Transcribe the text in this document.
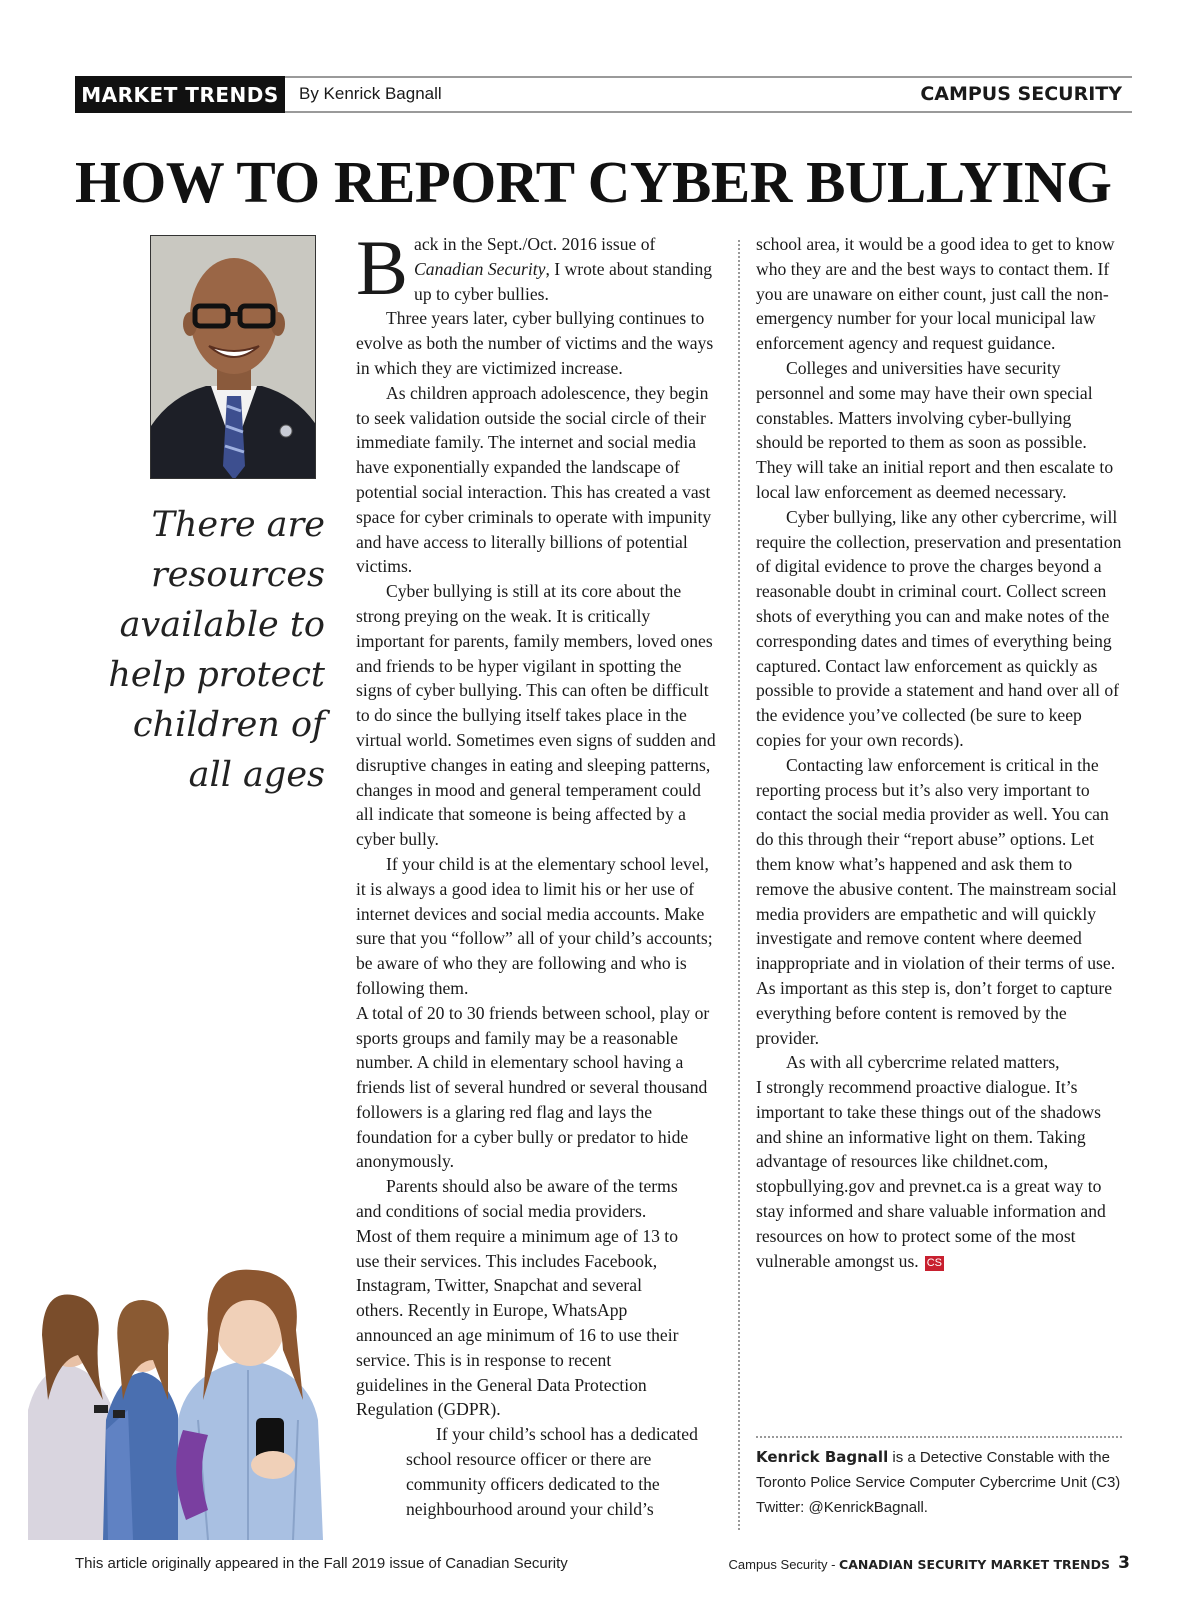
MARKET TRENDS	By Kenrick Bagnall	CAMPUS SECURITY
HOW TO REPORT CYBER BULLYING
There are resources available to help protect children of all ages

Back in the Sept./Oct. 2016 issue of Canadian Security, I wrote about standing up to cyber bullies.

Three years later, cyber bullying continues to evolve as both the number of victims and the ways in which they are victimized increase.

As children approach adolescence, they begin to seek validation outside the social circle of their immediate family. The internet and social media have exponentially expanded the landscape of potential social interaction. This has created a vast space for cyber criminals to operate with impunity and have access to literally billions of potential victims.

Cyber bullying is still at its core about the strong preying on the weak. It is critically important for parents, family members, loved ones and friends to be hyper vigilant in spotting the signs of cyber bullying. This can often be difficult to do since the bullying itself takes place in the virtual world. Sometimes even signs of sudden and disruptive changes in eating and sleeping patterns, changes in mood and general temperament could all indicate that someone is being affected by a cyber bully.

If your child is at the elementary school level, it is always a good idea to limit his or her use of internet devices and social media accounts. Make sure that you “follow” all of your child’s accounts; be aware of who they are following and who is following them.

A total of 20 to 30 friends between school, play or sports groups and family may be a reasonable number. A child in elementary school having a friends list of several hundred or several thousand followers is a glaring red flag and lays the foundation for a cyber bully or predator to hide anonymously.

Parents should also be aware of the terms and conditions of social media providers. Most of them require a minimum age of 13 to use their services. This includes Facebook, Instagram, Twitter, Snapchat and several others. Recently in Europe, WhatsApp announced an age minimum of 16 to use their service. This is in response to recent guidelines in the General Data Protection Regulation (GDPR).

If your child’s school has a dedicated school resource officer or there are community officers dedicated to the neighbourhood around your child’s

school area, it would be a good idea to get to know who they are and the best ways to contact them. If you are unaware on either count, just call the non-emergency number for your local municipal law enforcement agency and request guidance.

Colleges and universities have security personnel and some may have their own special constables. Matters involving cyber-bullying should be reported to them as soon as possible. They will take an initial report and then escalate to local law enforcement as deemed necessary.

Cyber bullying, like any other cybercrime, will require the collection, preservation and presentation of digital evidence to prove the charges beyond a reasonable doubt in criminal court. Collect screen shots of everything you can and make notes of the corresponding dates and times of everything being captured. Contact law enforcement as quickly as possible to provide a statement and hand over all of the evidence you’ve collected (be sure to keep copies for your own records).

Contacting law enforcement is critical in the reporting process but it’s also very important to contact the social media provider as well. You can do this through their “report abuse” options. Let them know what’s happened and ask them to remove the abusive content. The mainstream social media providers are empathetic and will quickly investigate and remove content where deemed inappropriate and in violation of their terms of use. As important as this step is, don’t forget to capture everything before content is removed by the provider.

As with all cybercrime related matters,

I strongly recommend proactive dialogue. It’s important to take these things out of the shadows and shine an informative light on them. Taking advantage of resources like childnet.com, stopbullying.gov and prevnet.ca is a great way to stay informed and share valuable information and resources on how to protect some of the most vulnerable amongst us. CS

Kenrick Bagnall is a Detective Constable with the
Toronto Police Service Computer Cybercrime Unit (C3)
Twitter: @KenrickBagnall.
This article originally appeared in the Fall 2019 issue of Canadian Security	Campus Security - CANADIAN SECURITY MARKET TRENDS 3
